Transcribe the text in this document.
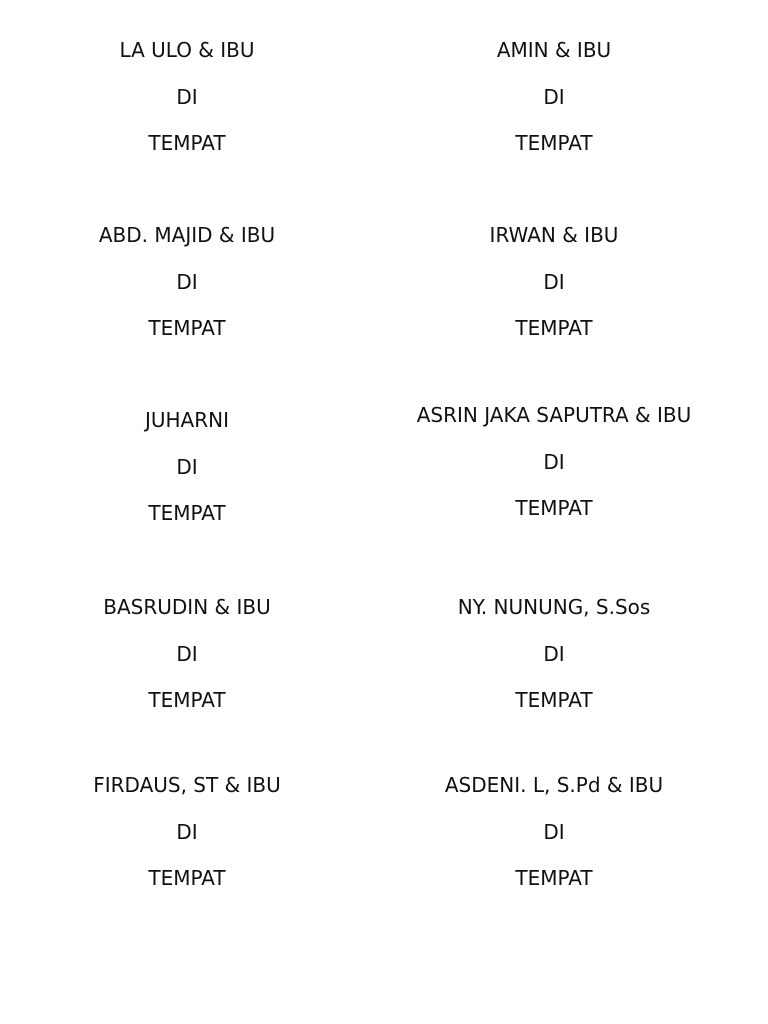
LA ULO & IBU
DI
TEMPAT
AMIN & IBU
DI
TEMPAT
ABD. MAJID & IBU
DI
TEMPAT
IRWAN & IBU
DI
TEMPAT
JUHARNI
DI
TEMPAT
ASRIN JAKA SAPUTRA & IBU
DI
TEMPAT
BASRUDIN & IBU
DI
TEMPAT
NY. NUNUNG, S.Sos
DI
TEMPAT
FIRDAUS, ST & IBU
DI
TEMPAT
ASDENI. L, S.Pd & IBU
DI
TEMPAT
